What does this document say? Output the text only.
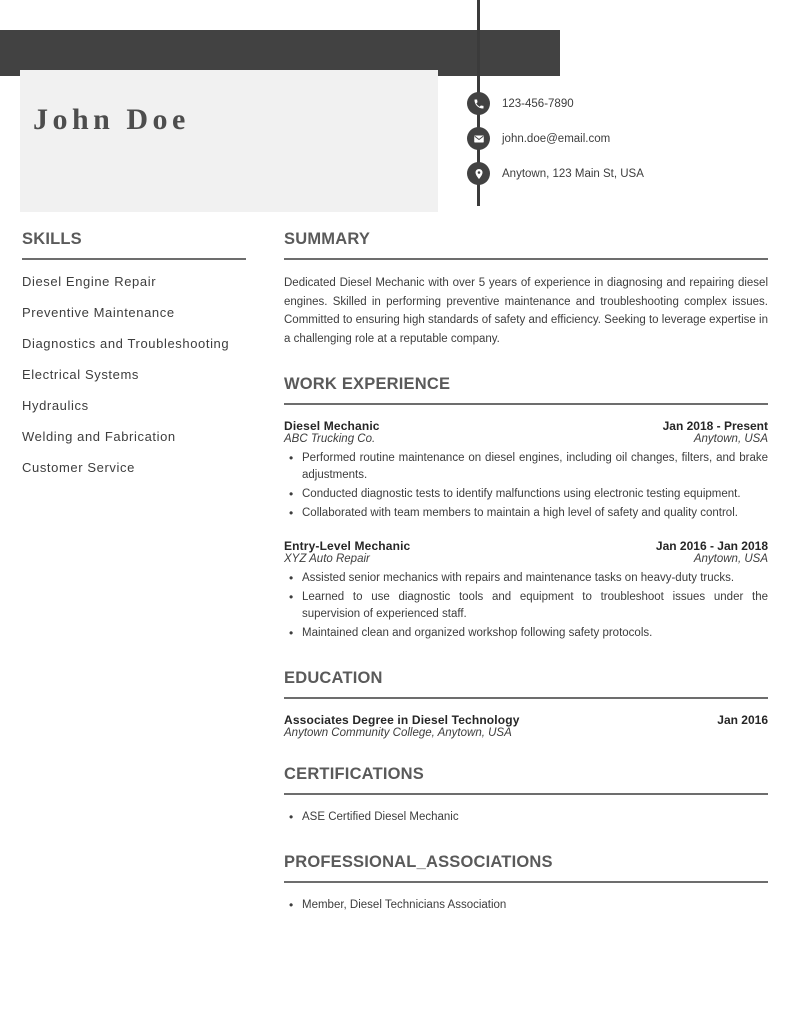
John Doe	123-456-7890
john.doe@email.com
Anytown, 123 Main St, USA
SKILLS
Diesel Engine Repair
Preventive Maintenance
Diagnostics and Troubleshooting
Electrical Systems
Hydraulics
Welding and Fabrication
Customer Service
SUMMARY

Dedicated Diesel Mechanic with over 5 years of experience in diagnosing and repairing diesel engines. Skilled in performing preventive maintenance and troubleshooting complex issues. Committed to ensuring high standards of safety and efficiency. Seeking to leverage expertise in a challenging role at a reputable company.

WORK EXPERIENCE
Diesel Mechanic	Jan 2018 - Present
ABC Trucking Co.	Anytown, USA
• Performed routine maintenance on diesel engines, including oil changes, filters, and brake adjustments.
• Conducted diagnostic tests to identify malfunctions using electronic testing equipment.
• Collaborated with team members to maintain a high level of safety and quality control.
Entry-Level Mechanic	Jan 2016 - Jan 2018
XYZ Auto Repair	Anytown, USA
• Assisted senior mechanics with repairs and maintenance tasks on heavy-duty trucks.
• Learned to use diagnostic tools and equipment to troubleshoot issues under the supervision of experienced staff.
• Maintained clean and organized workshop following safety protocols.
EDUCATION
Associates Degree in Diesel Technology	Jan 2016
Anytown Community College, Anytown, USA
CERTIFICATIONS
• ASE Certified Diesel Mechanic
PROFESSIONAL_ASSOCIATIONS
• Member, Diesel Technicians Association
